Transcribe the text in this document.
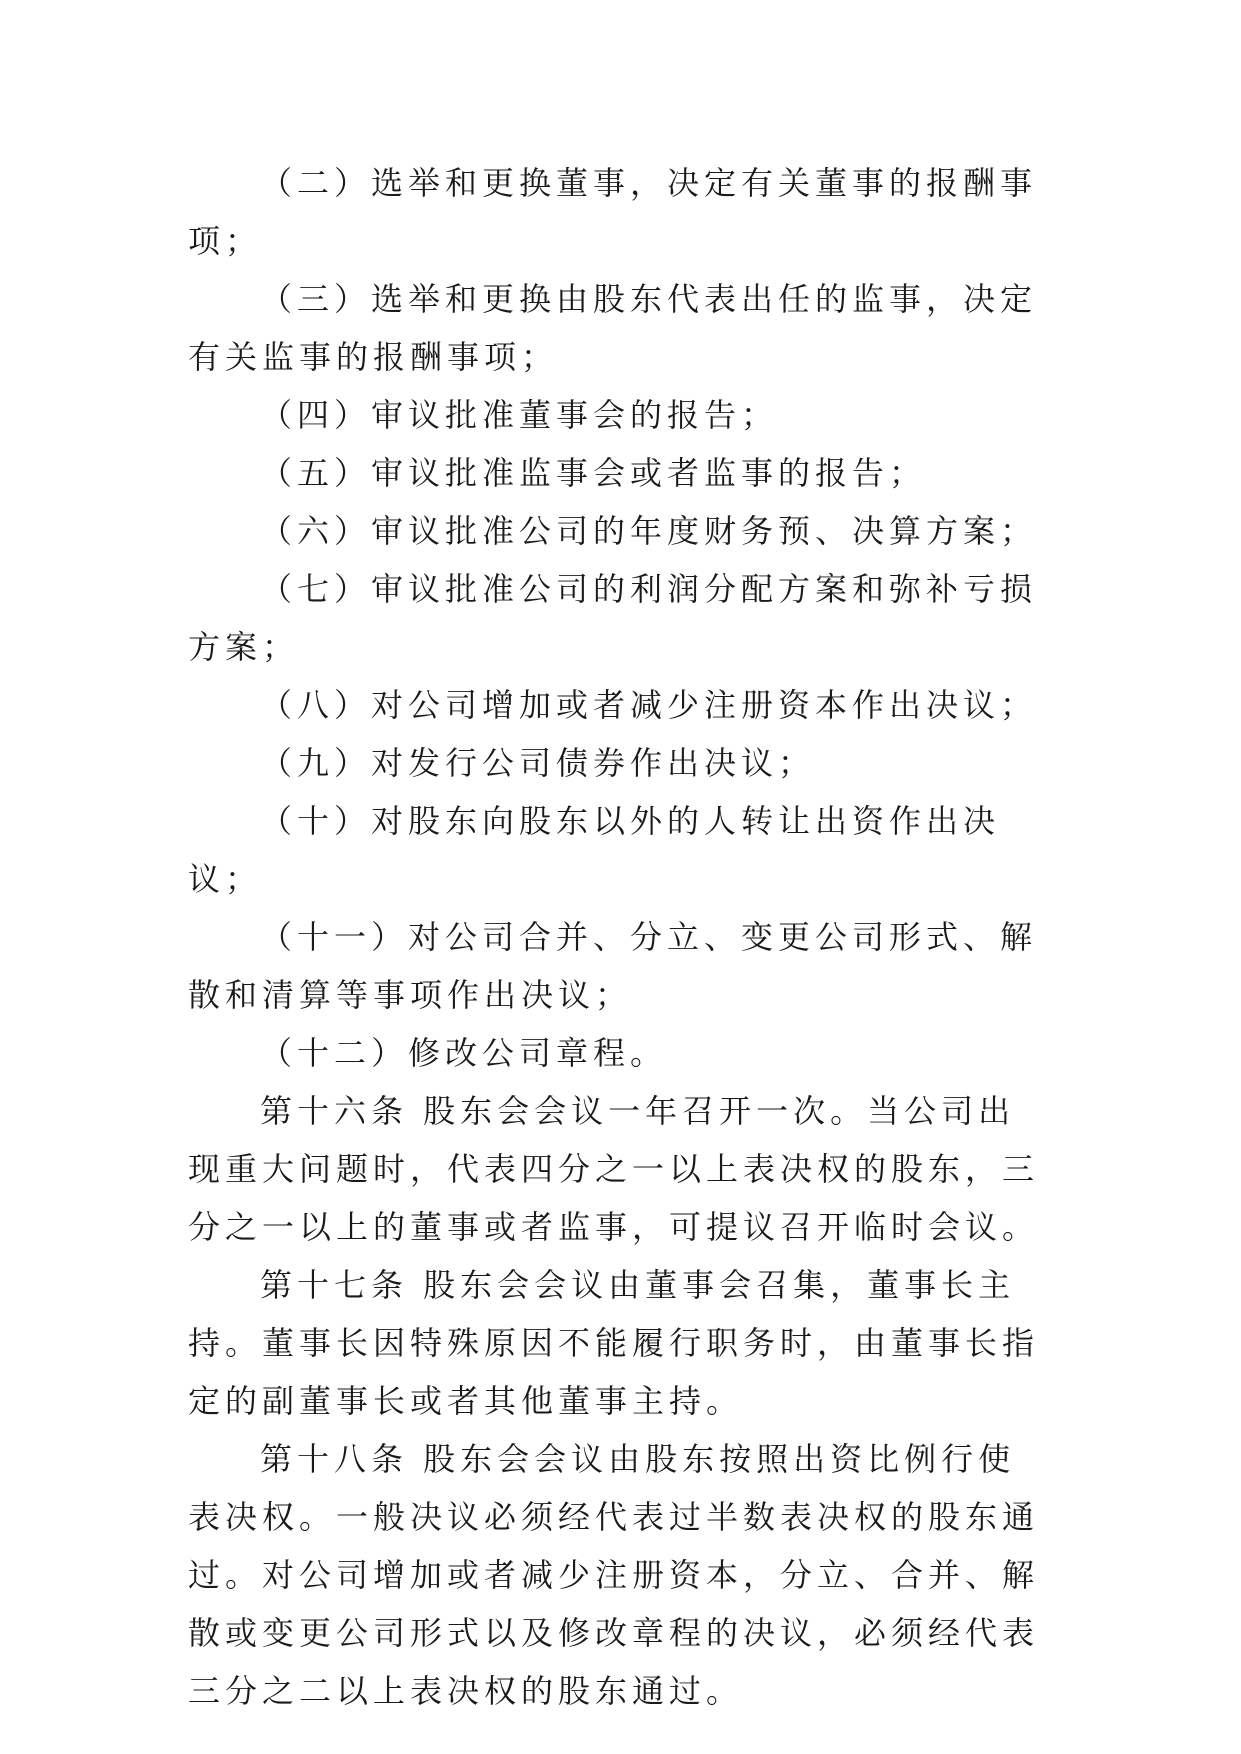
（二）选举和更换董事，决定有关董事的报酬事项；

（三）选举和更换由股东代表出任的监事，决定有关监事的报酬事项；

（四）审议批准董事会的报告；

（五）审议批准监事会或者监事的报告；

（六）审议批准公司的年度财务预、决算方案；

（七）审议批准公司的利润分配方案和弥补亏损方案；

（八）对公司增加或者减少注册资本作出决议；

（九）对发行公司债券作出决议；

（十）对股东向股东以外的人转让出资作出决议；

（十一）对公司合并、分立、变更公司形式、解散和清算等事项作出决议；

（十二）修改公司章程。

第十六条 股东会会议一年召开一次。当公司出现重大问题时，代表四分之一以上表决权的股东，三分之一以上的董事或者监事，可提议召开临时会议。

第十七条 股东会会议由董事会召集，董事长主持。董事长因特殊原因不能履行职务时，由董事长指定的副董事长或者其他董事主持。

第十八条 股东会会议由股东按照出资比例行使表决权。一般决议必须经代表过半数表决权的股东通过。对公司增加或者减少注册资本，分立、合并、解散或变更公司形式以及修改章程的决议，必须经代表三分之二以上表决权的股东通过。
